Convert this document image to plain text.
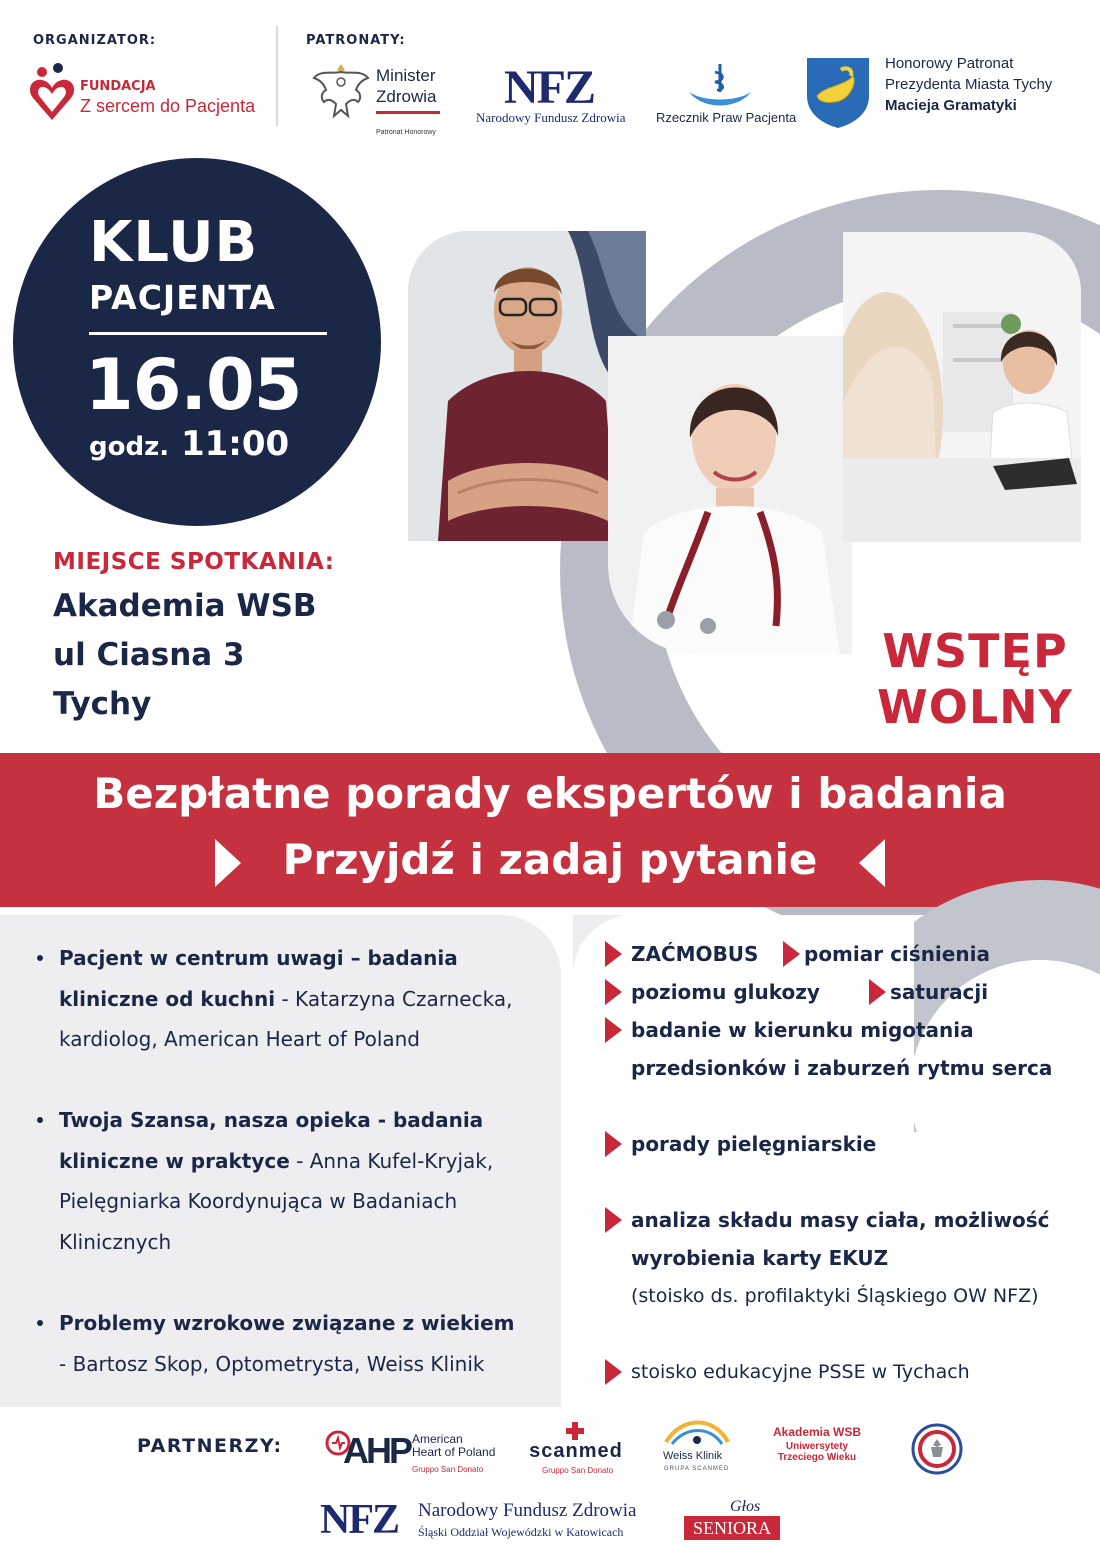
ORGANIZATOR:
FUNDACJA
Z sercem do Pacjenta
PATRONATY:
Minister
Zdrowia
Patronat Honorowy
NFZ
Narodowy Fundusz Zdrowia Rzecznik Praw Pacjenta
Honorowy Patronat
Prezydenta Miasta Tychy
Macieja Gramatyki
KLUB
PACJENTA
16.05
godz. 11:00
MIEJSCE SPOTKANIA:
Akademia WSB
ul Ciasna 3
Tychy
WSTĘP
WOLNY
Bezpłatne porady ekspertów i badania
Przyjdź i zadaj pytanie
Pacjent w centrum uwagi – badania
kliniczne od kuchni - Katarzyna Czarnecka,
kardiolog, American Heart of Poland
Twoja Szansa, nasza opieka - badania
kliniczne w praktyce - Anna Kufel-Kryjak,
Pielęgniarka Koordynująca w Badaniach
Klinicznych
Problemy wzrokowe związane z wiekiem
- Bartosz Skop, Optometrysta, Weiss Klinik
ZAĆMOBUS pomiar ciśnienia
poziomu glukozy	saturacji
badanie w kierunku migotania
przedsionków i zaburzeń rytmu serca
porady pielęgniarskie
analiza składu masy ciała, możliwość
wyrobienia karty EKUZ
(stoisko ds. profilaktyki Śląskiego OW NFZ)
stoisko edukacyjne PSSE w Tychach
PARTNERZY: AHP American
Heart of Poland
Gruppo San Donato
scanmed
Gruppo San Donato
Weiss Klinik
GRUPA SCANMED
Akademia WSB
Uniwersytety
Trzeciego Wieku
NFZ Narodowy Fundusz Zdrowia
Śląski Oddział Wojewódzki w Katowicach
Głos
SENIORA
